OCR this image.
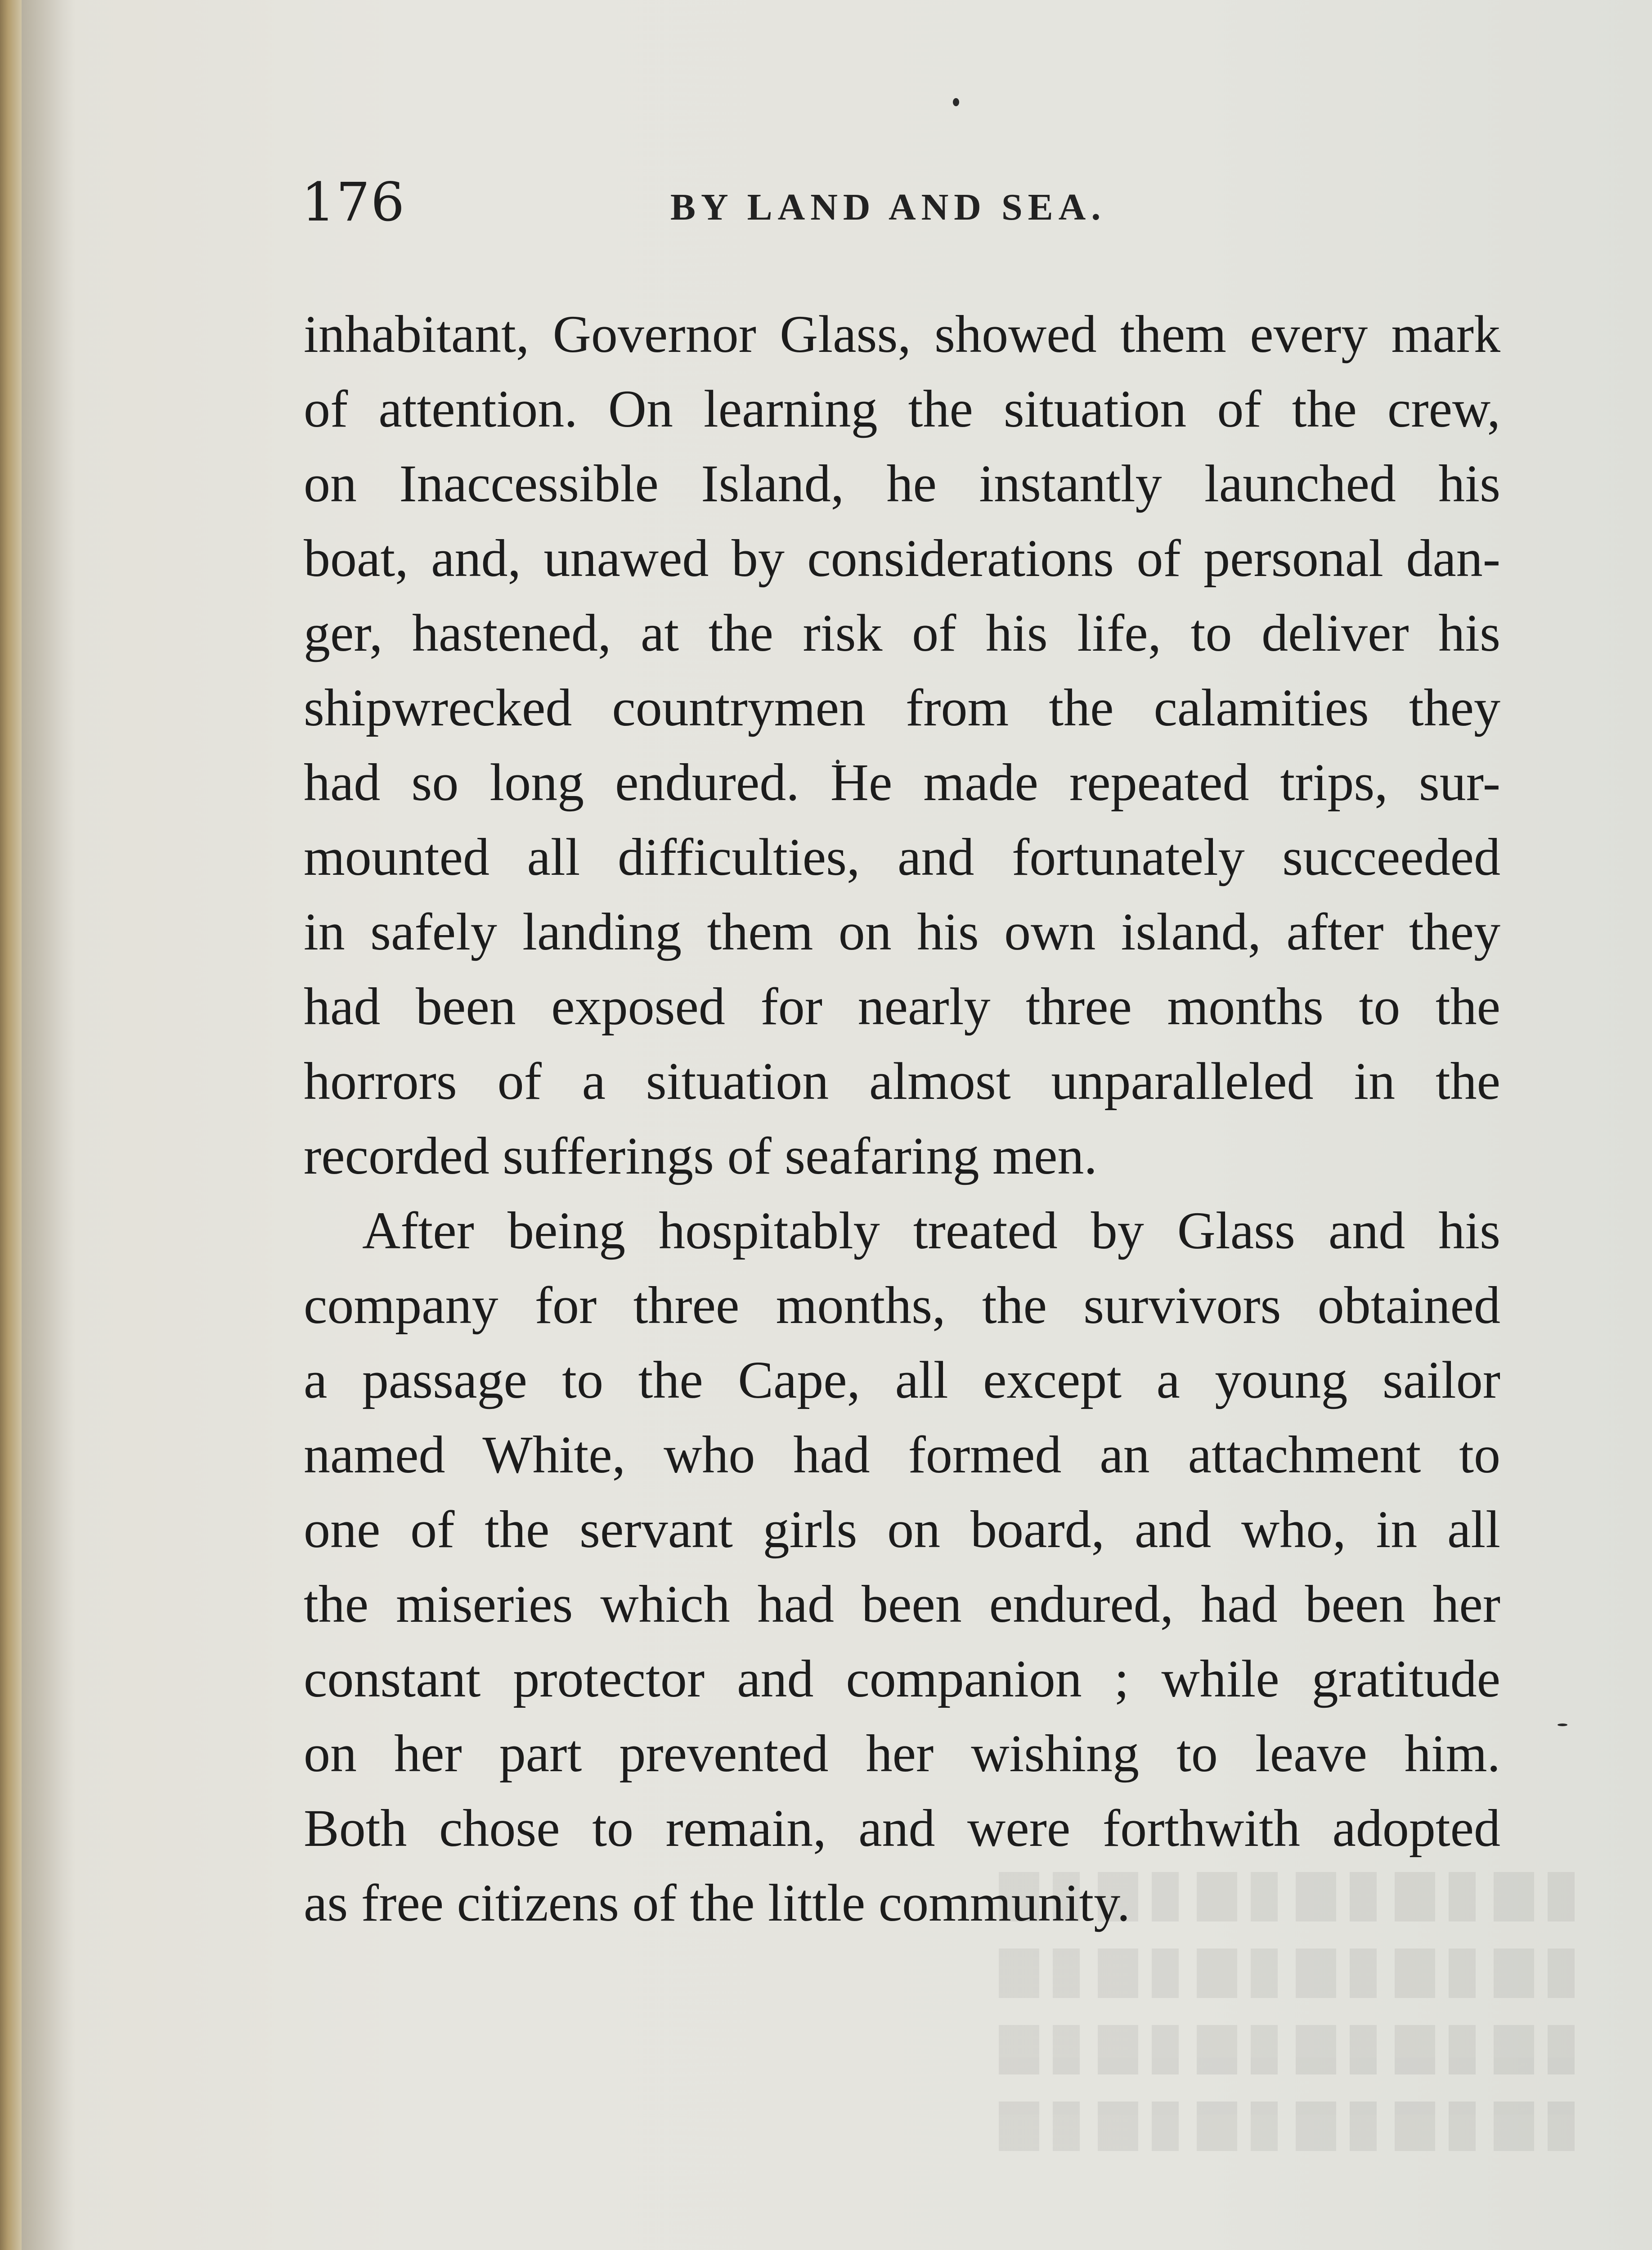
176	BY LAND AND SEA.
inhabitant, Governor Glass, showed them every mark
of attention. On learning the situation of the crew,
on Inaccessible Island, he instantly launched his
boat, and, unawed by considerations of personal dan-
ger, hastened, at the risk of his life, to deliver his
shipwrecked countrymen from the calamities they
had so long endured. He made repeated trips, sur-
mounted all difficulties, and fortunately succeeded
in safely landing them on his own island, after they
had been exposed for nearly three months to the
horrors of a situation almost unparalleled in the
recorded sufferings of seafaring men.
After being hospitably treated by Glass and his
company for three months, the survivors obtained
a passage to the Cape, all except a young sailor
named White, who had formed an attachment to
one of the servant girls on board, and who, in all
the miseries which had been endured, had been her
constant protector and companion ; while gratitude
on her part prevented her wishing to leave him.
Both chose to remain, and were forthwith adopted
as free citizens of the little community.
